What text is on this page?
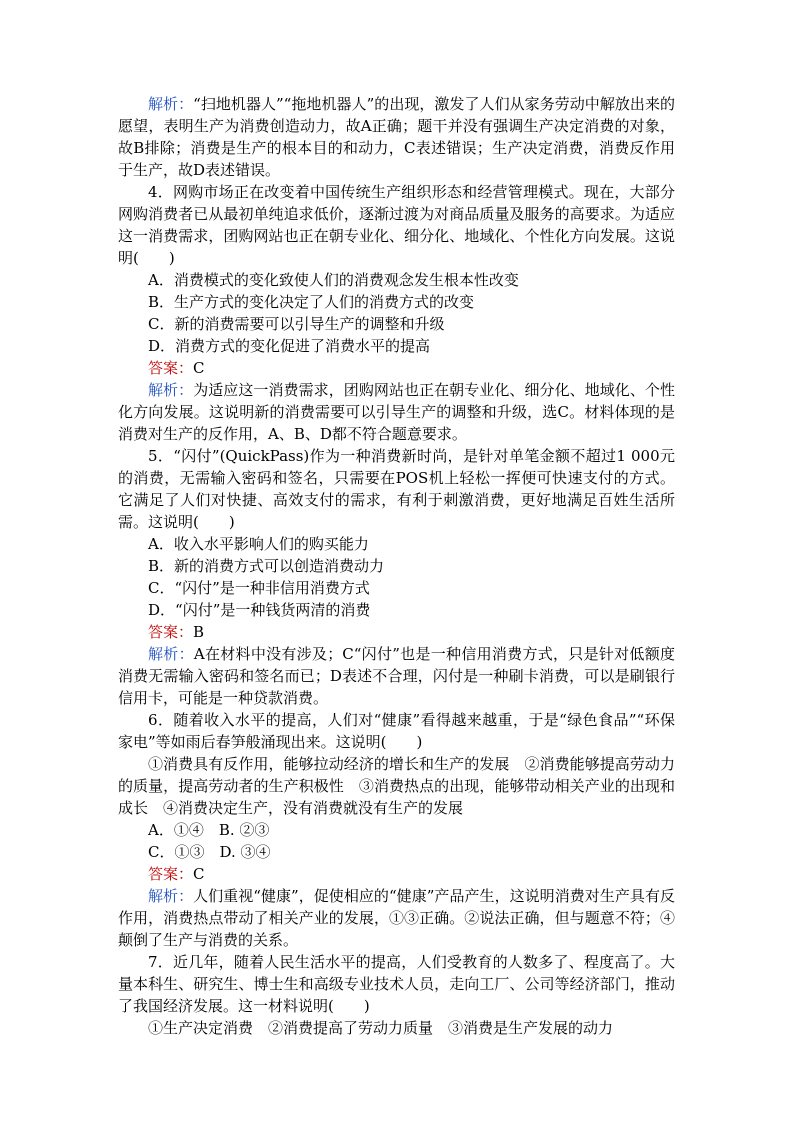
解析：“扫地机器人”“拖地机器人”的出现，激发了人们从家务劳动中解放出来的愿望，表明生产为消费创造动力，故A正确；题干并没有强调生产决定消费的对象，故B排除；消费是生产的根本目的和动力，C表述错误；生产决定消费，消费反作用于生产，故D表述错误。

4．网购市场正在改变着中国传统生产组织形态和经营管理模式。现在，大部分网购消费者已从最初单纯追求低价，逐渐过渡为对商品质量及服务的高要求。为适应这一消费需求，团购网站也正在朝专业化、细分化、地域化、个性化方向发展。这说明(　　)

A．消费模式的变化致使人们的消费观念发生根本性改变

B．生产方式的变化决定了人们的消费方式的改变

C．新的消费需要可以引导生产的调整和升级

D．消费方式的变化促进了消费水平的提高

答案：C

解析：为适应这一消费需求，团购网站也正在朝专业化、细分化、地域化、个性化方向发展。这说明新的消费需要可以引导生产的调整和升级，选C。材料体现的是消费对生产的反作用，A、B、D都不符合题意要求。

5．“闪付”(QuickPass)作为一种消费新时尚，是针对单笔金额不超过1 000元的消费，无需输入密码和签名，只需要在POS机上轻松一挥便可快速支付的方式。它满足了人们对快捷、高效支付的需求，有利于刺激消费，更好地满足百姓生活所需。这说明(　　)

A．收入水平影响人们的购买能力

B．新的消费方式可以创造消费动力

C．“闪付”是一种非信用消费方式

D．“闪付”是一种钱货两清的消费

答案：B

解析：A在材料中没有涉及；C“闪付”也是一种信用消费方式，只是针对低额度消费无需输入密码和签名而已；D表述不合理，闪付是一种刷卡消费，可以是刷银行信用卡，可能是一种贷款消费。

6．随着收入水平的提高，人们对“健康”看得越来越重，于是“绿色食品”“环保家电”等如雨后春笋般涌现出来。这说明(　　)

①消费具有反作用，能够拉动经济的增长和生产的发展　②消费能够提高劳动力的质量，提高劳动者的生产积极性　③消费热点的出现，能够带动相关产业的出现和成长　④消费决定生产，没有消费就没有生产的发展

A．①④　B. ②③

C．①③　D. ③④

答案：C

解析：人们重视“健康”，促使相应的“健康”产品产生，这说明消费对生产具有反作用，消费热点带动了相关产业的发展，①③正确。②说法正确，但与题意不符；④颠倒了生产与消费的关系。

7．近几年，随着人民生活水平的提高，人们受教育的人数多了、程度高了。大量本科生、研究生、博士生和高级专业技术人员，走向工厂、公司等经济部门，推动了我国经济发展。这一材料说明(　　)

①生产决定消费　②消费提高了劳动力质量　③消费是生产发展的动力
